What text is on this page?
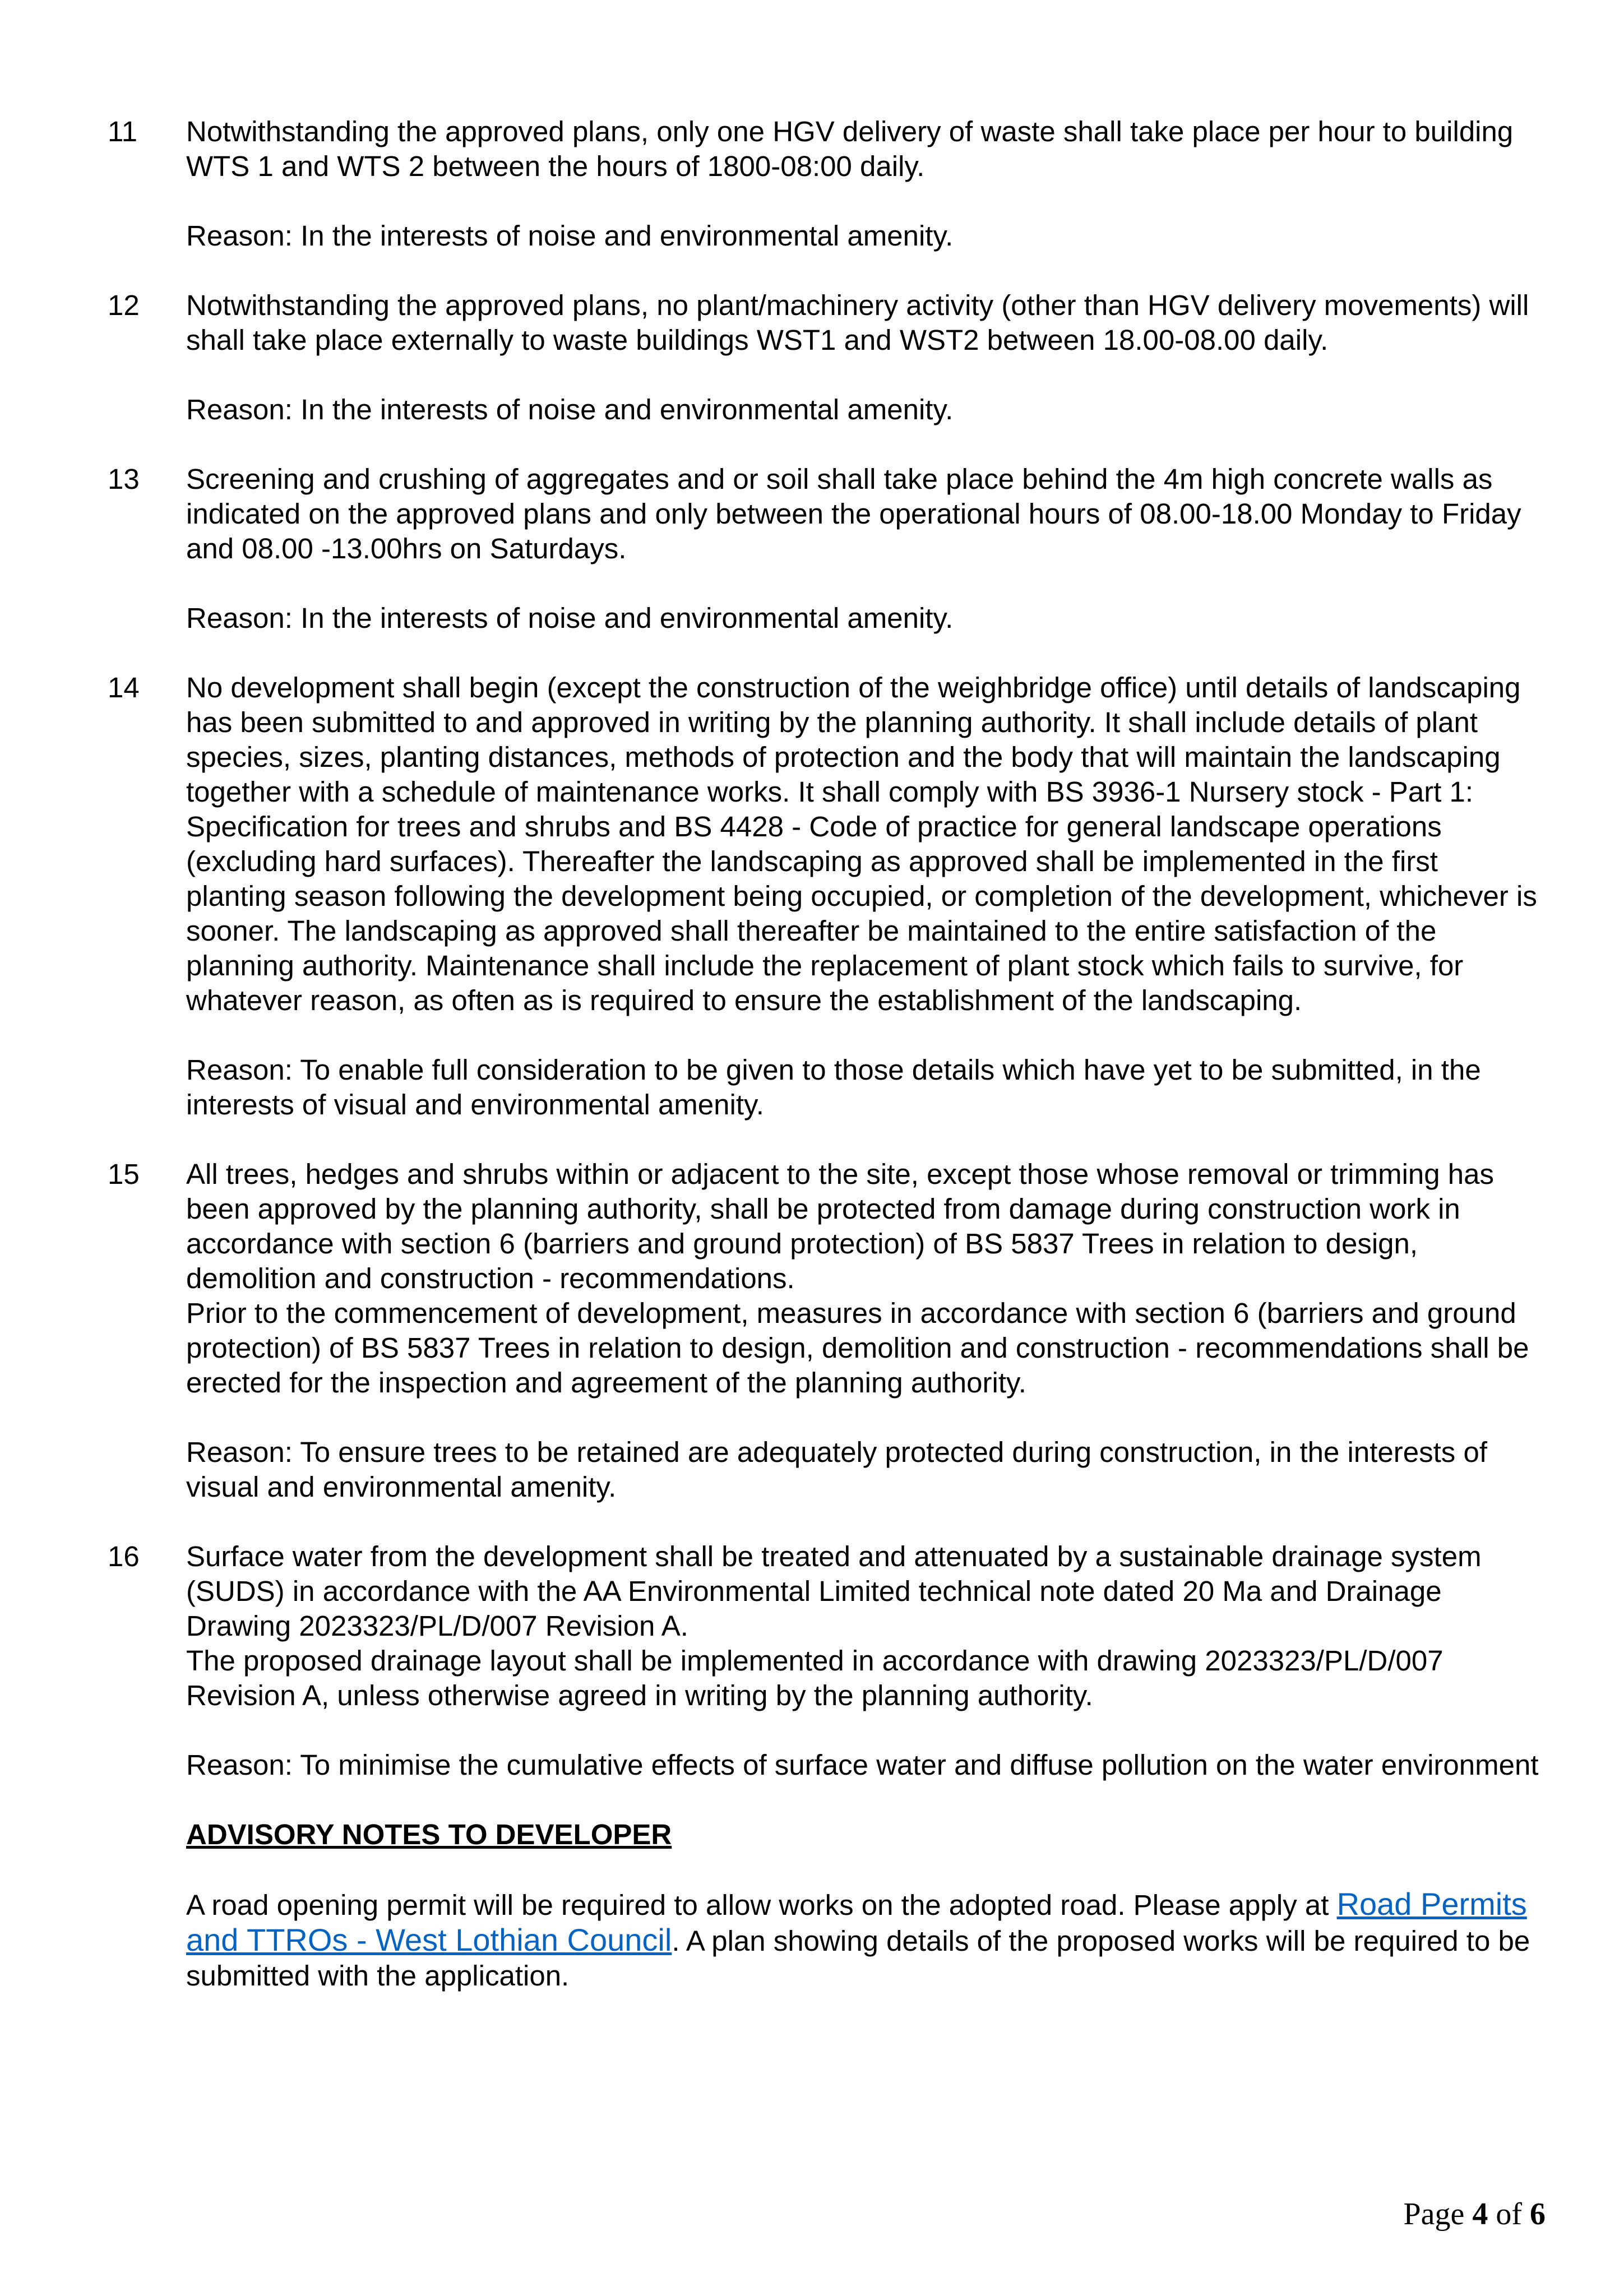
11	Notwithstanding the approved plans, only one HGV delivery of waste shall take place per hour to building WTS 1 and WTS 2 between the hours of 1800-08:00 daily.

Reason: In the interests of noise and environmental amenity.

12	Notwithstanding the approved plans, no plant/machinery activity (other than HGV delivery movements) will shall take place externally to waste buildings WST1 and WST2 between 18.00-08.00 daily.

Reason: In the interests of noise and environmental amenity.

13	Screening and crushing of aggregates and or soil shall take place behind the 4m high concrete walls as indicated on the approved plans and only between the operational hours of 08.00-18.00 Monday to Friday and 08.00 -13.00hrs on Saturdays.

Reason: In the interests of noise and environmental amenity.

14	No development shall begin (except the construction of the weighbridge office) until details of landscaping has been submitted to and approved in writing by the planning authority. It shall include details of plant species, sizes, planting distances, methods of protection and the body that will maintain the landscaping together with a schedule of maintenance works. It shall comply with BS 3936-1 Nursery stock - Part 1: Specification for trees and shrubs and BS 4428 - Code of practice for general landscape operations (excluding hard surfaces). Thereafter the landscaping as approved shall be implemented in the first planting season following the development being occupied, or completion of the development, whichever is sooner. The landscaping as approved shall thereafter be maintained to the entire satisfaction of the planning authority. Maintenance shall include the replacement of plant stock which fails to survive, for whatever reason, as often as is required to ensure the establishment of the landscaping.

Reason: To enable full consideration to be given to those details which have yet to be submitted, in the interests of visual and environmental amenity.

15	All trees, hedges and shrubs within or adjacent to the site, except those whose removal or trimming has been approved by the planning authority, shall be protected from damage during construction work in accordance with section 6 (barriers and ground protection) of BS 5837 Trees in relation to design, demolition and construction - recommendations.

Prior to the commencement of development, measures in accordance with section 6 (barriers and ground protection) of BS 5837 Trees in relation to design, demolition and construction - recommendations shall be erected for the inspection and agreement of the planning authority.

Reason: To ensure trees to be retained are adequately protected during construction, in the interests of visual and environmental amenity.

16	Surface water from the development shall be treated and attenuated by a sustainable drainage system (SUDS) in accordance with the AA Environmental Limited technical note dated 20 Ma and Drainage Drawing 2023323/PL/D/007 Revision A.

The proposed drainage layout shall be implemented in accordance with drawing 2023323/PL/D/007 Revision A, unless otherwise agreed in writing by the planning authority.

Reason: To minimise the cumulative effects of surface water and diffuse pollution on the water environment

ADVISORY NOTES TO DEVELOPER

A road opening permit will be required to allow works on the adopted road. Please apply at Road Permits and TTROs - West Lothian Council. A plan showing details of the proposed works will be required to be submitted with the application.

Page 4 of 6
